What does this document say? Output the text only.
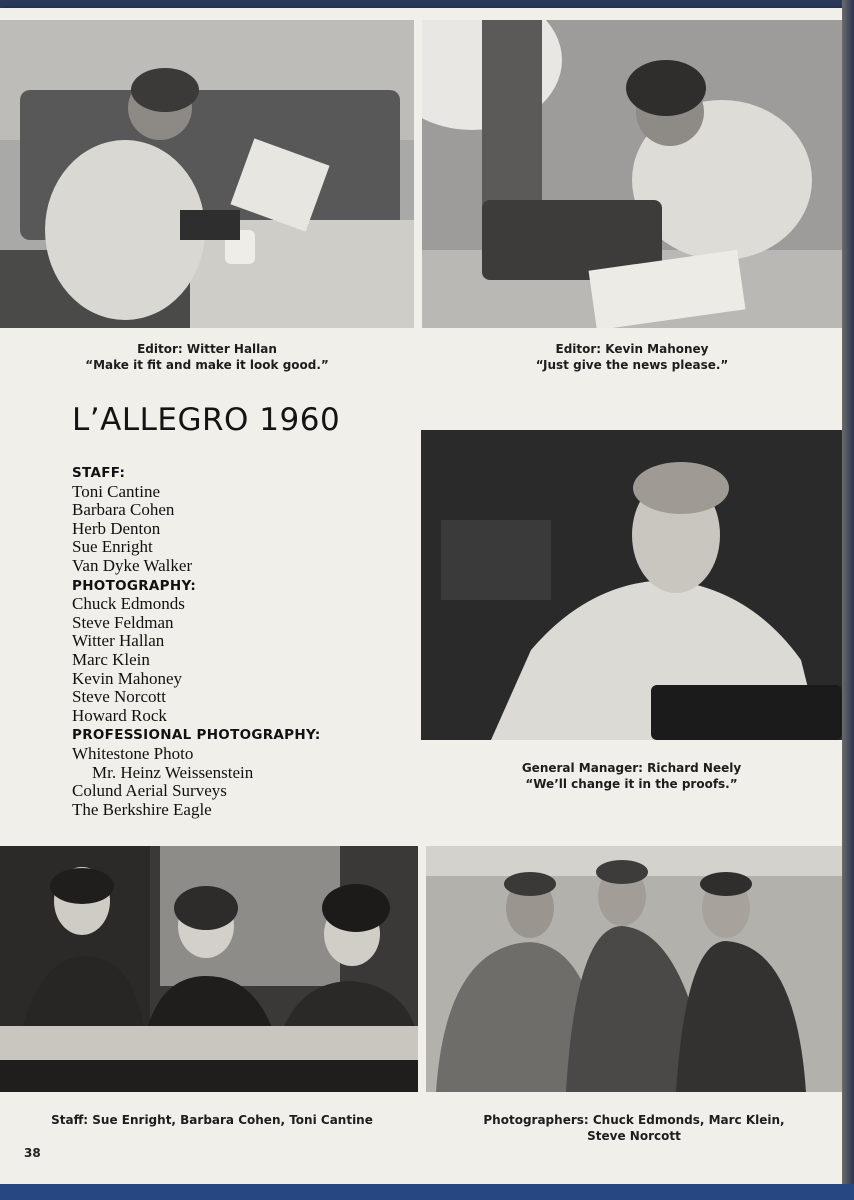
Editor: Witter Hallan
“Make it fit and make it look good.”
Editor: Kevin Mahoney
“Just give the news please.”
L’ALLEGRO 1960
General Manager: Richard Neely
“We’ll change it in the proofs.”
STAFF:
Toni Cantine
Barbara Cohen
Herb Denton
Sue Enright
Van Dyke Walker
PHOTOGRAPHY:
Chuck Edmonds
Steve Feldman
Witter Hallan
Marc Klein
Kevin Mahoney
Steve Norcott
Howard Rock
PROFESSIONAL PHOTOGRAPHY:
Whitestone Photo
Mr. Heinz Weissenstein
Colund Aerial Surveys
The Berkshire Eagle
Staff: Sue Enright, Barbara Cohen, Toni Cantine	Photographers: Chuck Edmonds, Marc Klein,
Steve Norcott
38
